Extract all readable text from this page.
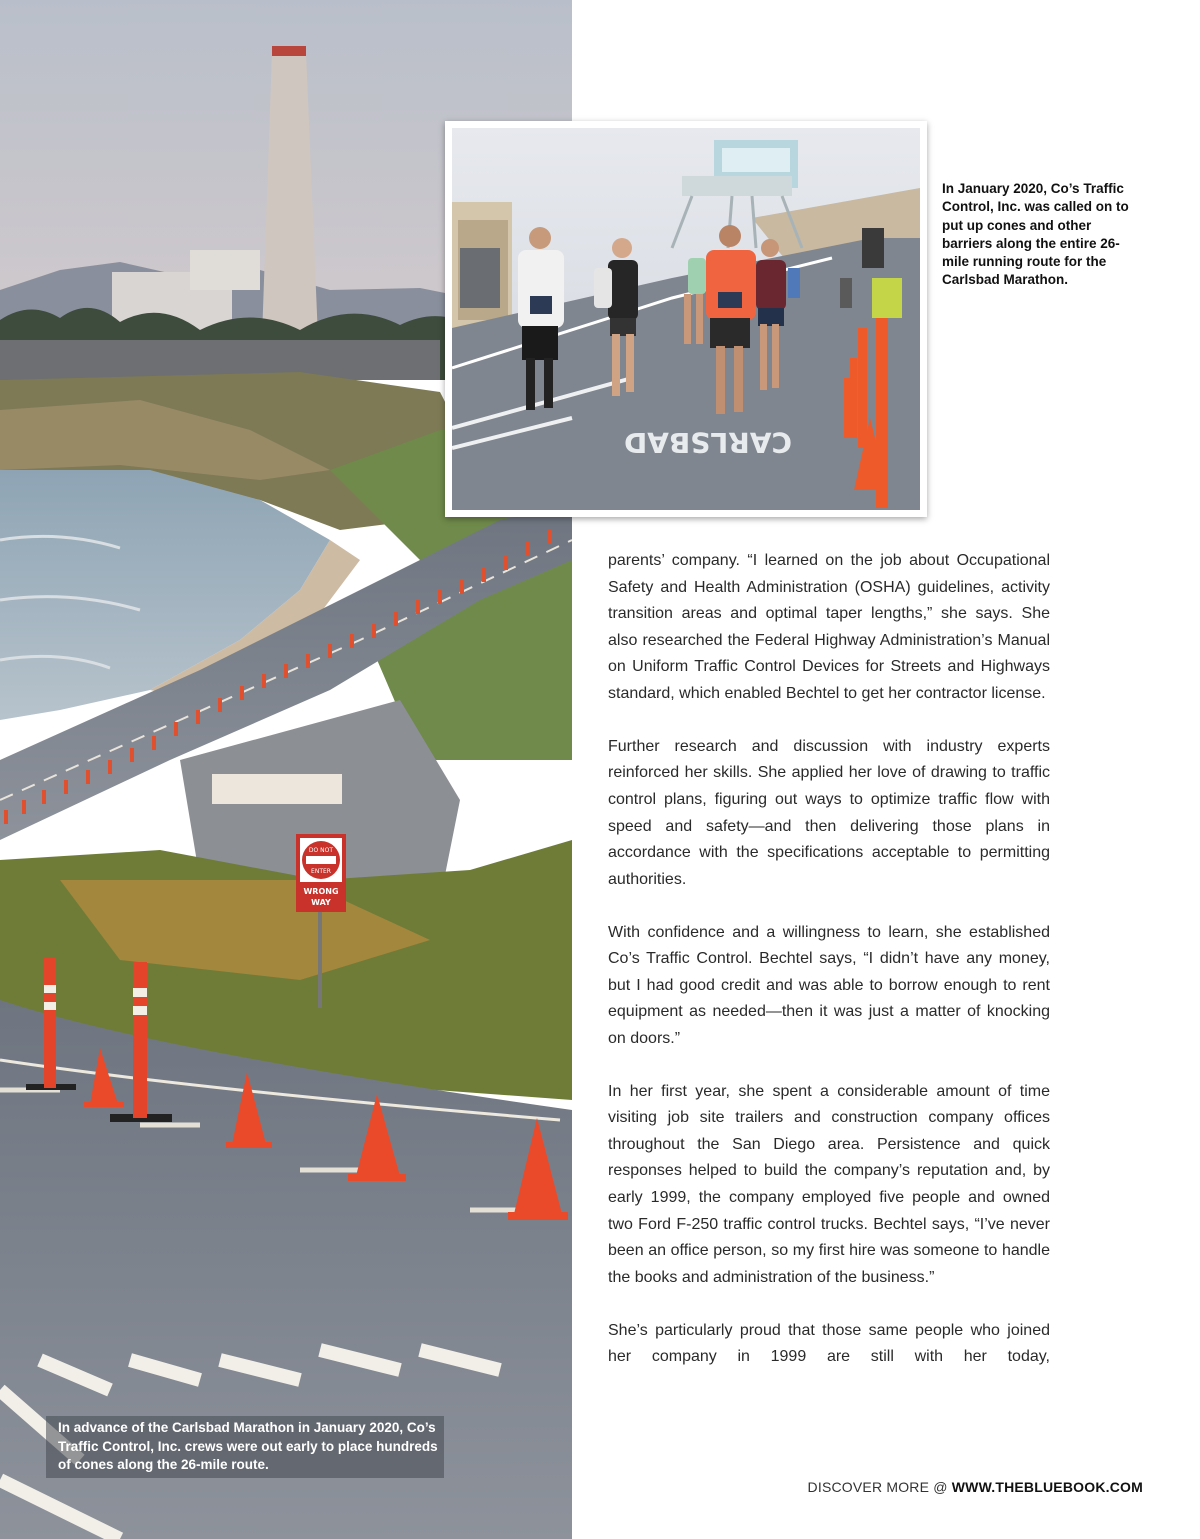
DO NOT
ENTER
WRONG
WAY
CARLSBAD
In January 2020, Co’s Traffic Control, Inc. was called on to put up cones and other barriers along the entire 26-mile running route for the Carlsbad Marathon.
In advance of the Carlsbad Marathon in January 2020, Co’s Traffic Control, Inc. crews were out early to place hundreds of cones along the 26-mile route.

parents’ company. “I learned on the job about Occupational Safety and Health Administration (OSHA) guidelines, activity transition areas and optimal taper lengths,” she says. She also researched the Federal Highway Administration’s Manual on Uniform Traffic Control Devices for Streets and Highways standard, which enabled Bechtel to get her contractor license.

Further research and discussion with industry experts reinforced her skills. She applied her love of drawing to traffic control plans, figuring out ways to optimize traffic flow with speed and safety—and then delivering those plans in accordance with the specifications acceptable to permitting authorities.

With confidence and a willingness to learn, she established Co’s Traffic Control. Bechtel says, “I didn’t have any money, but I had good credit and was able to borrow enough to rent equipment as needed—then it was just a matter of knocking on doors.”

In her first year, she spent a considerable amount of time visiting job site trailers and construction company offices throughout the San Diego area. Persistence and quick responses helped to build the company’s reputation and, by early 1999, the company employed five people and owned two Ford F-250 traffic control trucks. Bechtel says, “I’ve never been an office person, so my first hire was someone to handle the books and administration of the business.”

She’s particularly proud that those same people who joined her company in 1999 are still with her today,

DISCOVER MORE @ WWW.THEBLUEBOOK.COM
